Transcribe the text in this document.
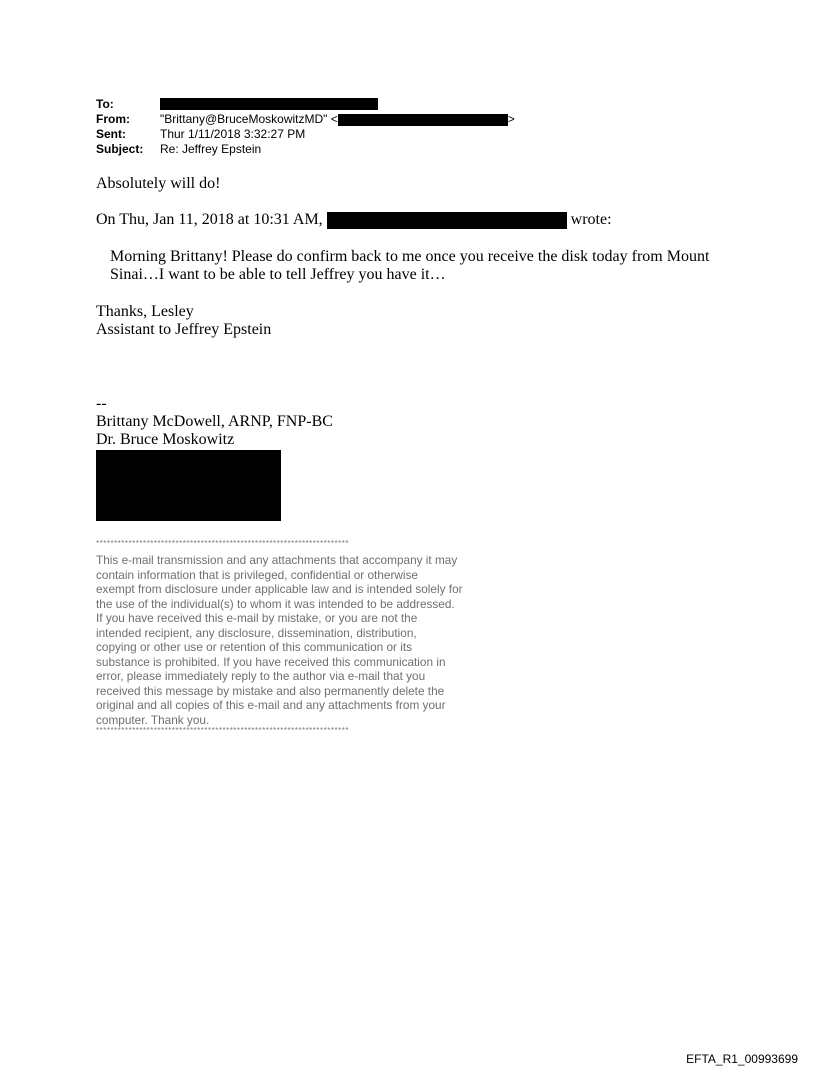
To:
From:	"Brittany@BruceMoskowitzMD" <	>
Sent:	Thur 1/11/2018 3:32:27 PM
Subject: Re: Jeffrey Epstein
Absolutely will do!
On Thu, Jan 11, 2018 at 10:31 AM,	wrote:
Morning Brittany! Please do confirm back to me once you receive the disk today from Mount
Sinai…I want to be able to tell Jeffrey you have it…
Thanks, Lesley
Assistant to Jeffrey Epstein
--
Brittany McDowell, ARNP, FNP-BC
Dr. Bruce Moskowitz
**********************************************************************
This e-mail transmission and any attachments that accompany it may
contain information that is privileged, confidential or otherwise
exempt from disclosure under applicable law and is intended solely for
the use of the individual(s) to whom it was intended to be addressed.
If you have received this e-mail by mistake, or you are not the
intended recipient, any disclosure, dissemination, distribution,
copying or other use or retention of this communication or its
substance is prohibited. If you have received this communication in
error, please immediately reply to the author via e-mail that you
received this message by mistake and also permanently delete the
original and all copies of this e-mail and any attachments from your
computer. Thank you.
**********************************************************************
EFTA_R1_00993699
